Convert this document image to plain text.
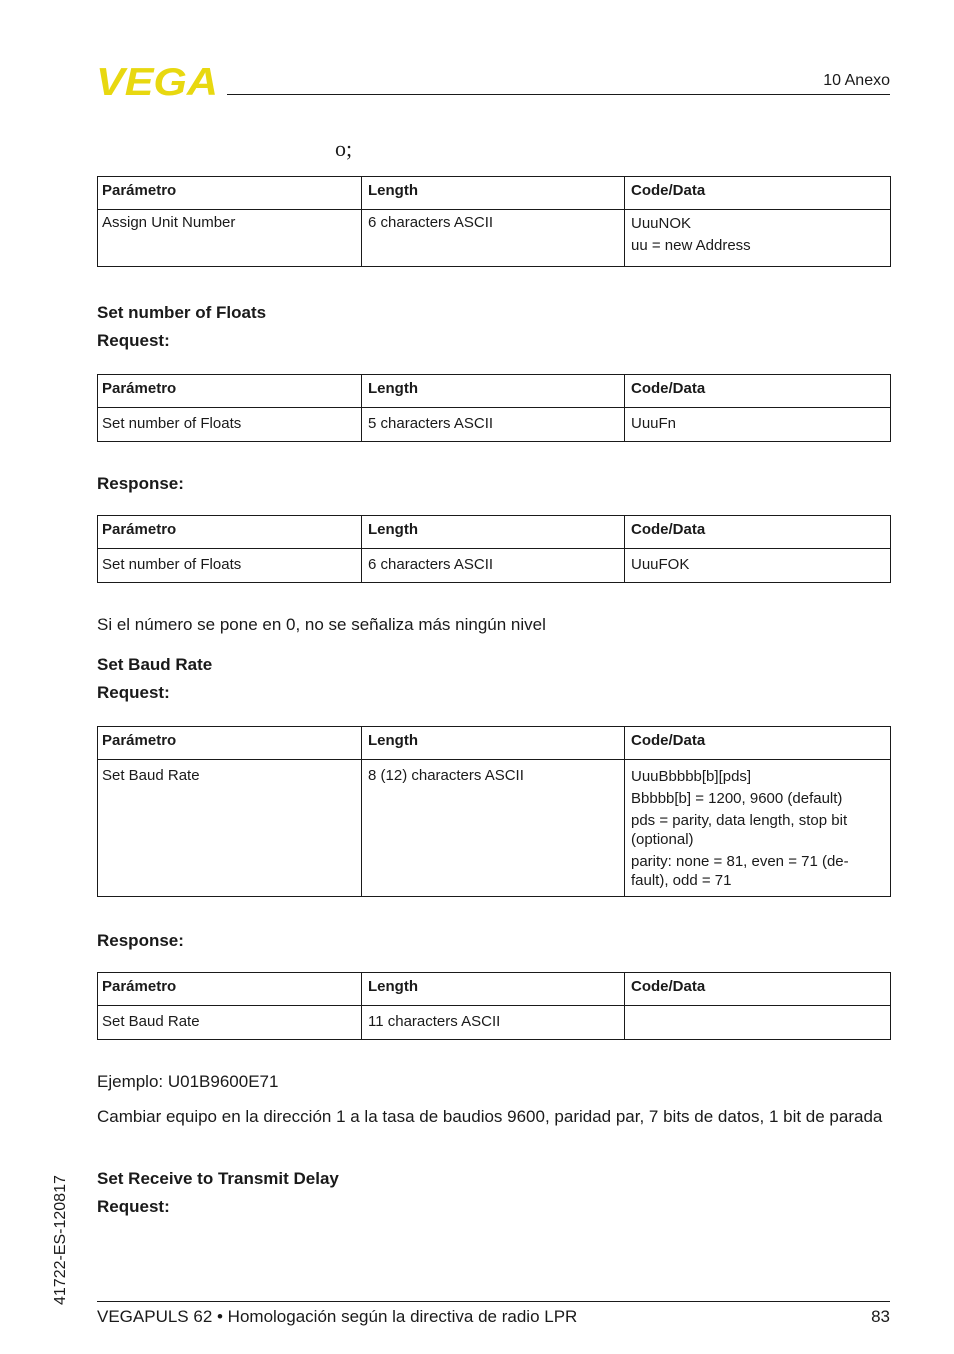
VEGA	10 Anexo
o;
Parámetro	Length	Code/Data
Assign Unit Number	6 characters ASCII	UuuNOK
uu = new Address
Set number of Floats
Request:
Parámetro	Length	Code/Data
Set number of Floats	5 characters ASCII	UuuFn
Response:
Parámetro	Length	Code/Data
Set number of Floats	6 characters ASCII	UuuFOK
Si el número se pone en 0, no se señaliza más ningún nivel
Set Baud Rate
Request:
Parámetro	Length	Code/Data
Set Baud Rate	8 (12) characters ASCII	UuuBbbbb[b][pds]
Bbbbb[b] = 1200, 9600 (default)
pds = parity, data length, stop bit (optional)
parity: none = 81, even = 71 (de-fault), odd = 71
Response:
Parámetro	Length	Code/Data
Set Baud Rate	11 characters ASCII	
Ejemplo: U01B9600E71
Cambiar equipo en la dirección 1 a la tasa de baudios 9600, paridad par, 7 bits de datos, 1 bit de parada
Set Receive to Transmit Delay
Request:
41722-ES-120817
VEGAPULS 62 • Homologación según la directiva de radio LPR	83
